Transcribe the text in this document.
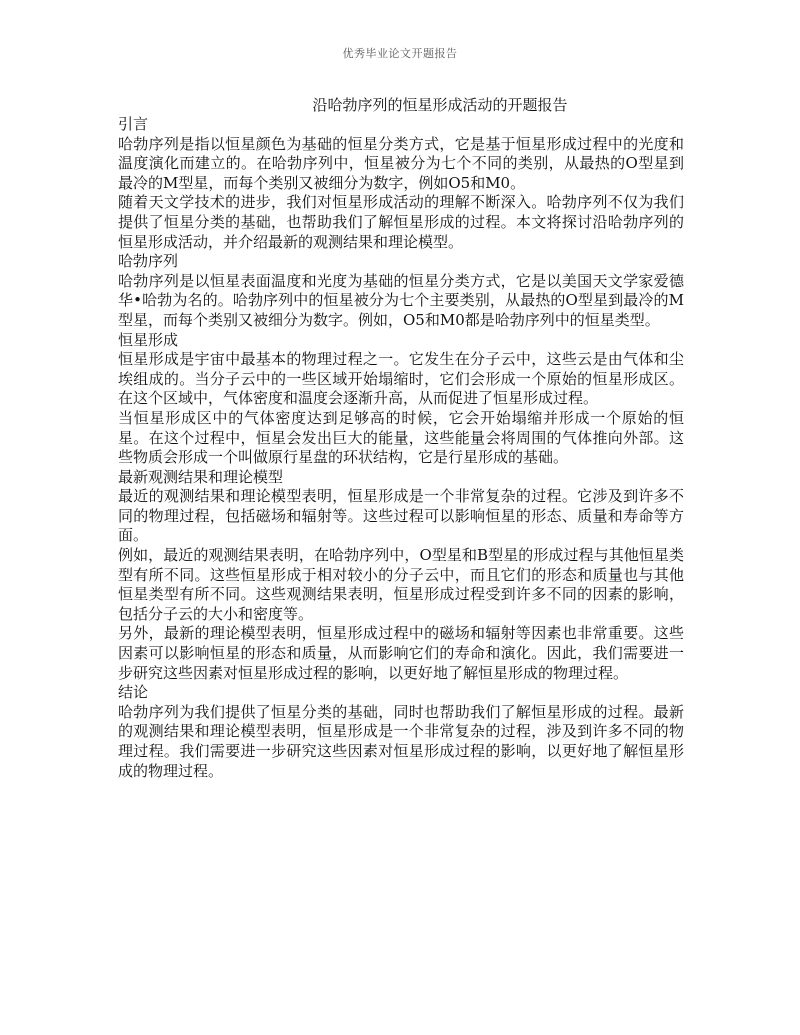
优秀毕业论文开题报告
沿哈勃序列的恒星形成活动的开题报告
引言

哈勃序列是指以恒星颜色为基础的恒星分类方式，它是基于恒星形成过程中的光度和温度演化而建立的。在哈勃序列中，恒星被分为七个不同的类别，从最热的O型星到最冷的M型星，而每个类别又被细分为数字，例如O5和M0。

随着天文学技术的进步，我们对恒星形成活动的理解不断深入。哈勃序列不仅为我们提供了恒星分类的基础，也帮助我们了解恒星形成的过程。本文将探讨沿哈勃序列的恒星形成活动，并介绍最新的观测结果和理论模型。

哈勃序列

哈勃序列是以恒星表面温度和光度为基础的恒星分类方式，它是以美国天文学家爱德华•哈勃为名的。哈勃序列中的恒星被分为七个主要类别，从最热的O型星到最冷的M型星，而每个类别又被细分为数字。例如，O5和M0都是哈勃序列中的恒星类型。

恒星形成

恒星形成是宇宙中最基本的物理过程之一。它发生在分子云中，这些云是由气体和尘埃组成的。当分子云中的一些区域开始塌缩时，它们会形成一个原始的恒星形成区。在这个区域中，气体密度和温度会逐渐升高，从而促进了恒星形成过程。

当恒星形成区中的气体密度达到足够高的时候，它会开始塌缩并形成一个原始的恒星。在这个过程中，恒星会发出巨大的能量，这些能量会将周围的气体推向外部。这些物质会形成一个叫做原行星盘的环状结构，它是行星形成的基础。

最新观测结果和理论模型

最近的观测结果和理论模型表明，恒星形成是一个非常复杂的过程。它涉及到许多不同的物理过程，包括磁场和辐射等。这些过程可以影响恒星的形态、质量和寿命等方面。

例如，最近的观测结果表明，在哈勃序列中，O型星和B型星的形成过程与其他恒星类型有所不同。这些恒星形成于相对较小的分子云中，而且它们的形态和质量也与其他恒星类型有所不同。这些观测结果表明，恒星形成过程受到许多不同的因素的影响，包括分子云的大小和密度等。

另外，最新的理论模型表明，恒星形成过程中的磁场和辐射等因素也非常重要。这些因素可以影响恒星的形态和质量，从而影响它们的寿命和演化。因此，我们需要进一步研究这些因素对恒星形成过程的影响，以更好地了解恒星形成的物理过程。

结论

哈勃序列为我们提供了恒星分类的基础，同时也帮助我们了解恒星形成的过程。最新的观测结果和理论模型表明，恒星形成是一个非常复杂的过程，涉及到许多不同的物理过程。我们需要进一步研究这些因素对恒星形成过程的影响，以更好地了解恒星形成的物理过程。
